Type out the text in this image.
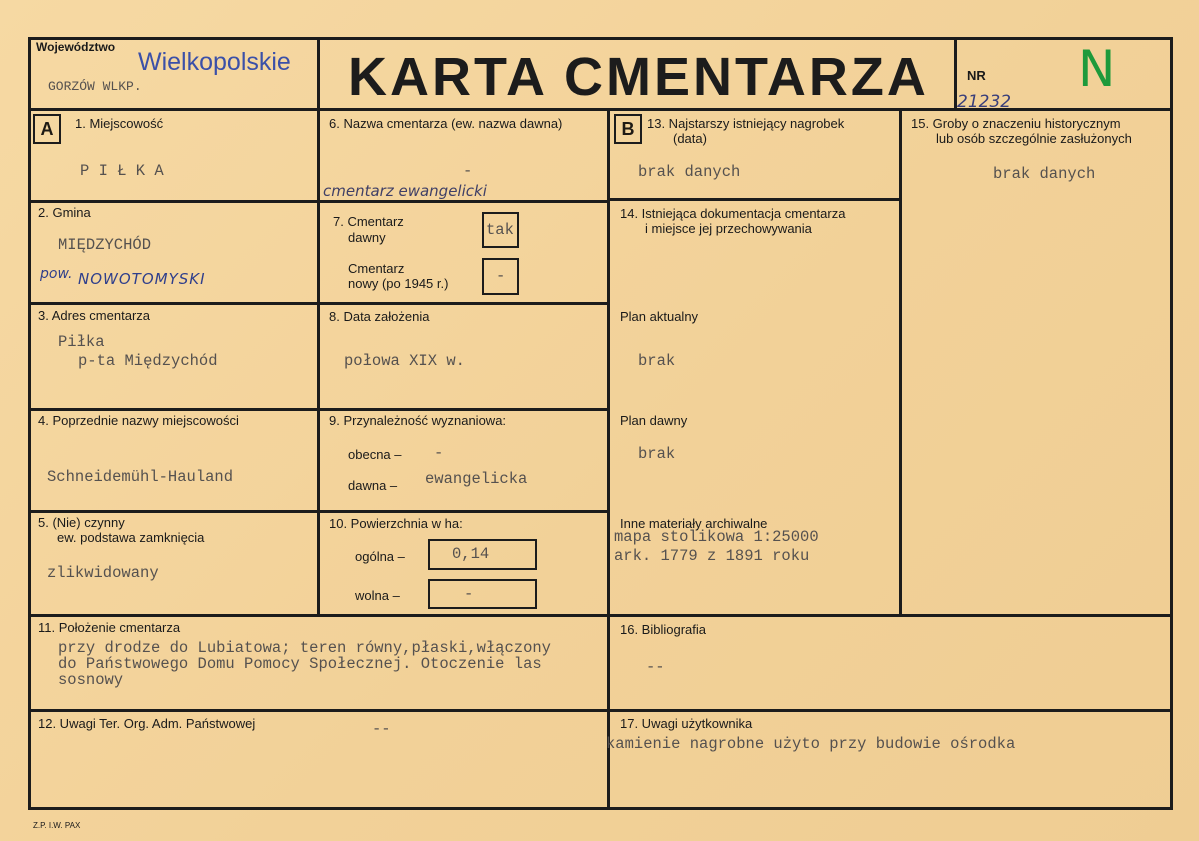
Województwo
Wielkopolskie
GORZÓW WLKP.	KARTA CMENTARZA	NR
21232
N
A	B
1. Miejscowość
P I Ł K A
2. Gmina
MIĘDZYCHÓD
pow. NOWOTOMYSKI
3. Adres cmentarza
Piłka
p-ta Międzychód
4. Poprzednie nazwy miejscowości
Schneidemühl-Hauland
5. (Nie) czynny
ew. podstawa zamknięcia
zlikwidowany
6. Nazwa cmentarza (ew. nazwa dawna)
-
cmentarz ewangelicki
7. Cmentarz
dawny	tak
Cmentarz
nowy (po 1945 r.)	-
8. Data założenia
połowa XIX w.
9. Przynależność wyznaniowa:
obecna – -
dawna – ewangelicka
10. Powierzchnia w ha:
ogólna –	0,14
wolna –	-
13. Najstarszy istniejący nagrobek
(data)
brak danych
14. Istniejąca dokumentacja cmentarza
i miejsce jej przechowywania
Plan aktualny
brak
Plan dawny
brak
Inne materiały archiwalne
mapa stolikowa 1:25000
ark. 1779 z 1891 roku
15. Groby o znaczeniu historycznym
lub osób szczególnie zasłużonych
brak danych
11. Położenie cmentarza
przy drodze do Lubiatowa; teren równy,płaski,włączony
do Państwowego Domu Pomocy Społecznej. Otoczenie las
sosnowy
16. Bibliografia
--
12. Uwagi Ter. Org. Adm. Państwowej	--	17. Uwagi użytkownika
kamienie nagrobne użyto przy budowie ośrodka
Z.P. I.W. PAX
